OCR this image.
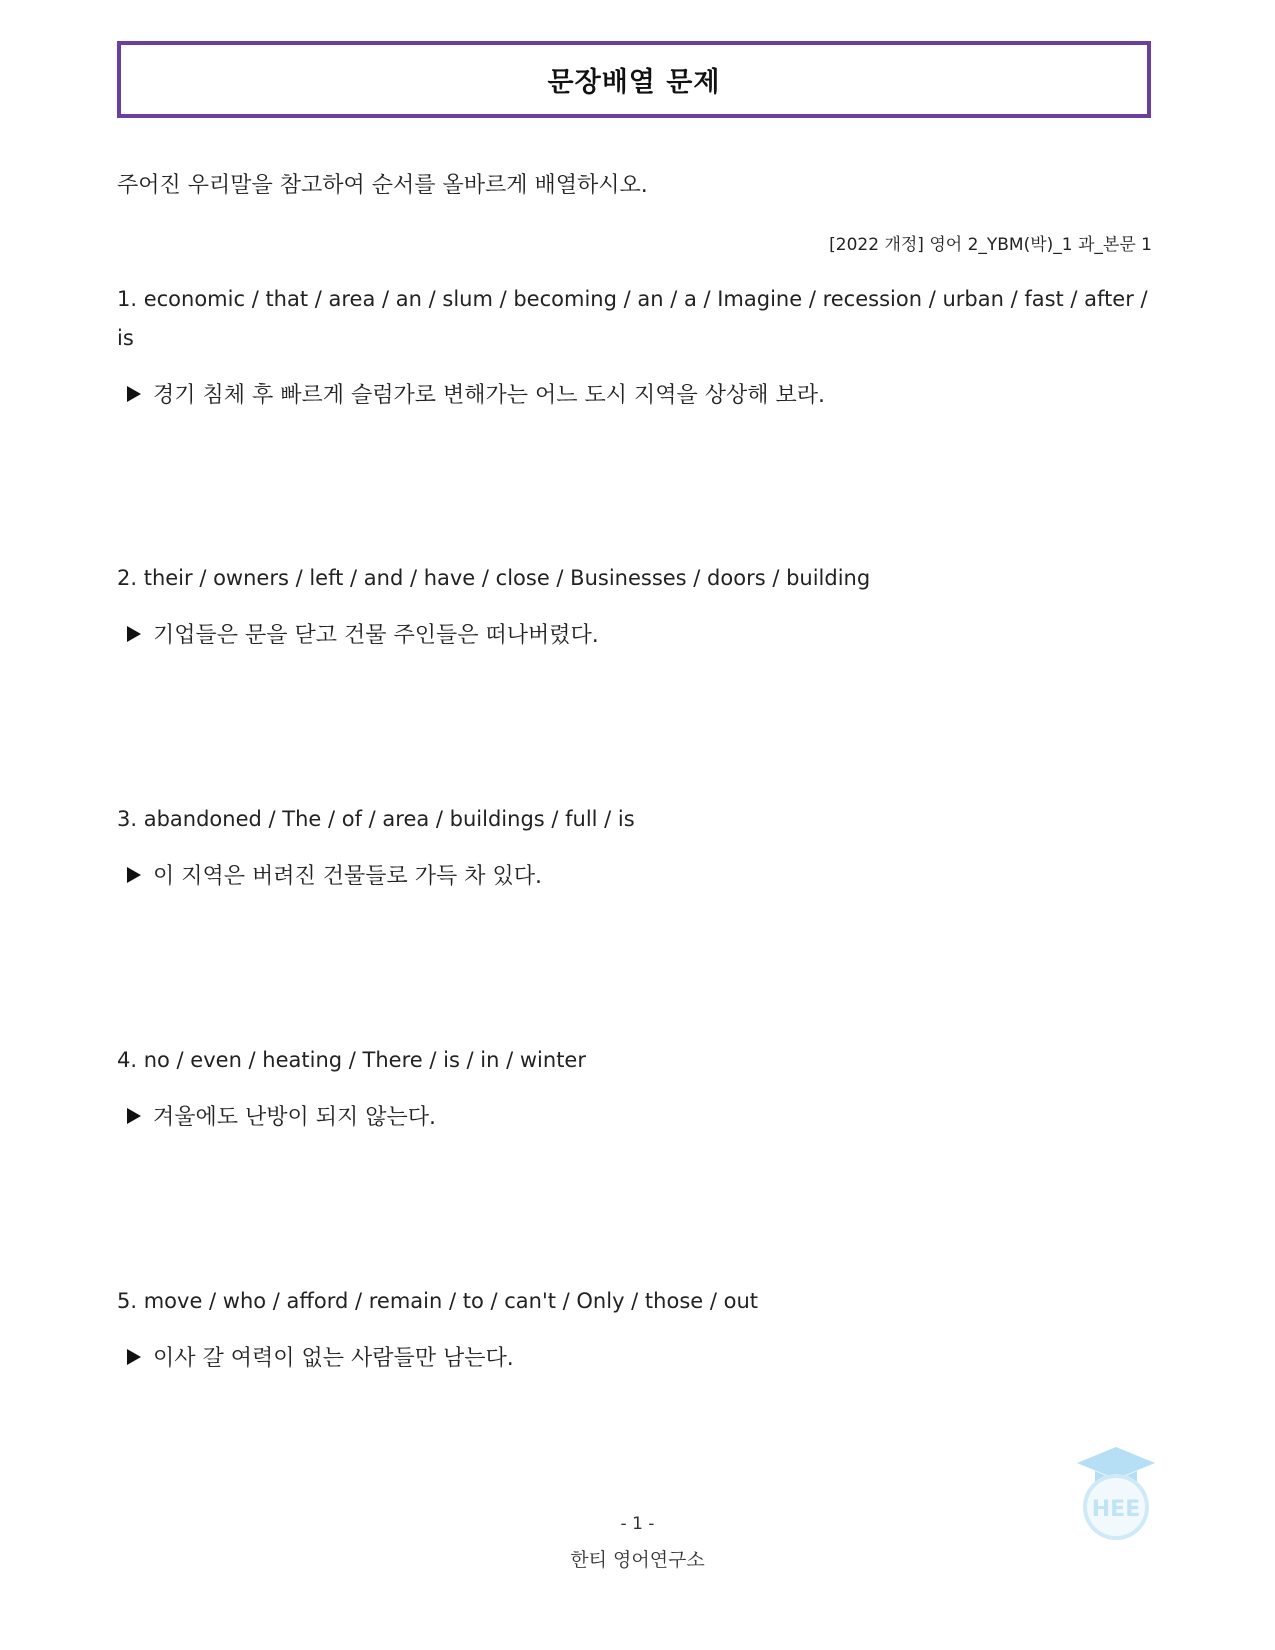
문장배열 문제
주어진 우리말을 참고하여 순서를 올바르게 배열하시오.
[2022 개정] 영어 2_YBM(박)_1 과_본문 1

1. economic / that / area / an / slum / becoming / an / a / Imagine / recession / urban / fast / after / is

경기 침체 후 빠르게 슬럼가로 변해가는 어느 도시 지역을 상상해 보라.

2. their / owners / left / and / have / close / Businesses / doors / building

기업들은 문을 닫고 건물 주인들은 떠나버렸다.

3. abandoned / The / of / area / buildings / full / is

이 지역은 버려진 건물들로 가득 차 있다.

4. no / even / heating / There / is / in / winter

겨울에도 난방이 되지 않는다.

5. move / who / afford / remain / to / can't / Only / those / out

이사 갈 여력이 없는 사람들만 남는다.
HEE
- 1 -
한티 영어연구소
